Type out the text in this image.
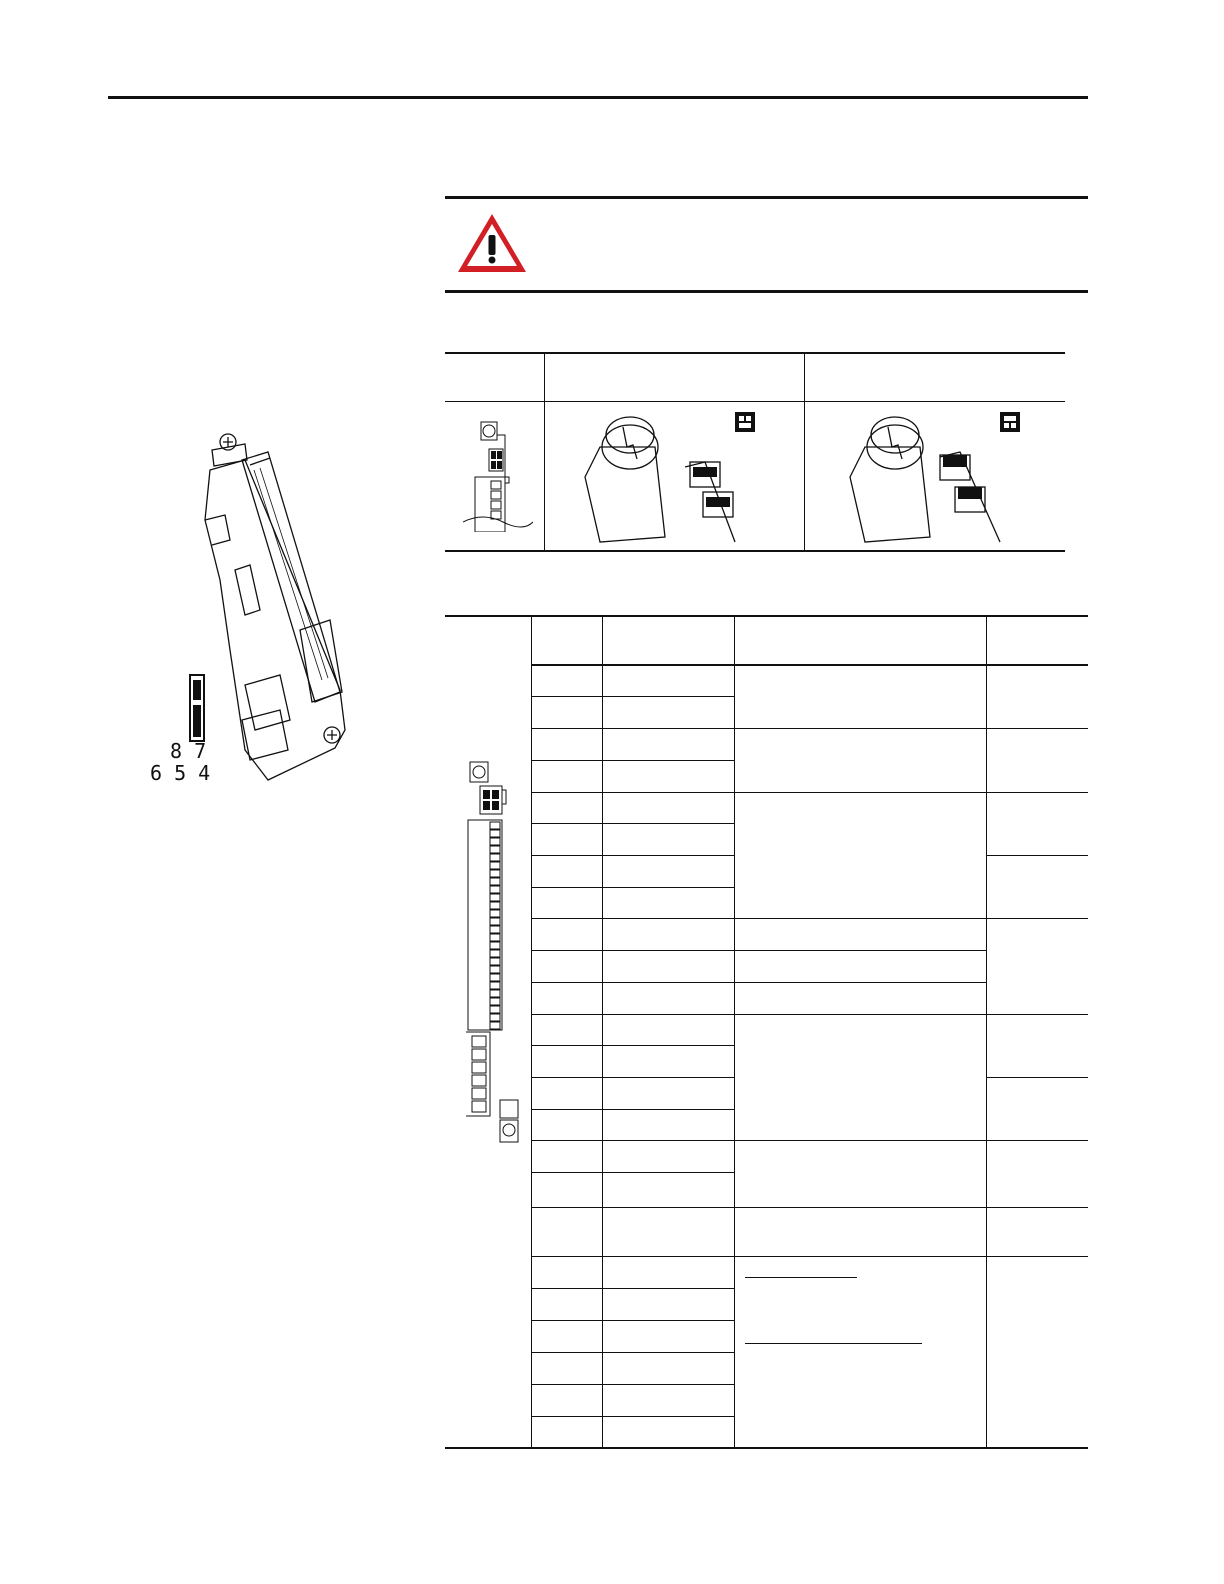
8 7
6 5 4
